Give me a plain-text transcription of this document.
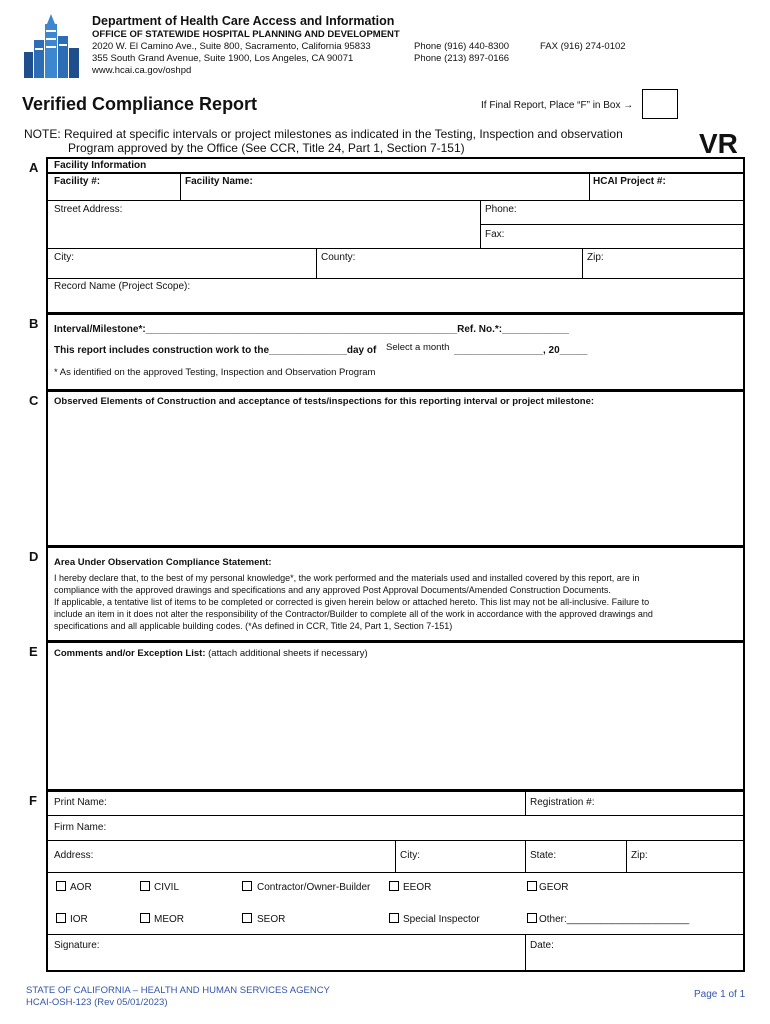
Department of Health Care Access and Information
OFFICE OF STATEWIDE HOSPITAL PLANNING AND DEVELOPMENT
2020 W. El Camino Ave., Suite 800, Sacramento, California 95833
355 South Grand Avenue, Suite 1900, Los Angeles, CA 90071
www.hcai.ca.gov/oshpd
Phone (916) 440-8300
Phone (213) 897-0166
FAX (916) 274-0102
Verified Compliance Report	If Final Report, Place “F” in Box →
NOTE: Required at specific intervals or project milestones as indicated in the Testing, Inspection and observation
Program approved by the Office (See CCR, Title 24, Part 1, Section 7-151)	VR
A Facility Information
Facility #:	Facility Name:	HCAI Project #:
Street Address:	Phone:
Fax:
City:	County:	Zip:
Record Name (Project Scope):
B Interval/Milestone*:________________________________________________________Ref. No.*:____________
This report includes construction work to the______________day of Select a month ________________, 20_____
* As identified on the approved Testing, Inspection and Observation Program
C Observed Elements of Construction and acceptance of tests/inspections for this reporting interval or project milestone:
D Area Under Observation Compliance Statement:
I hereby declare that, to the best of my personal knowledge*, the work performed and the materials used and installed covered by this report, are in
compliance with the approved drawings and specifications and any approved Post Approval Documents/Amended Construction Documents.
If applicable, a tentative list of items to be completed or corrected is given herein below or attached hereto. This list may not be all-inclusive. Failure to
include an item in it does not alter the responsibility of the Contractor/Builder to complete all of the work in accordance with the approved drawings and
specifications and all applicable building codes. (*As defined in CCR, Title 24, Part 1, Section 7-151)
E Comments and/or Exception List: (attach additional sheets if necessary)
F Print Name:	Registration #:
Firm Name:
Address:	City:	State:	Zip:
AOR	CIVIL	Contractor/Owner-Builder	EEOR	GEOR
IOR	MEOR	SEOR	Special Inspector	Other:______________________
Signature:	Date:
STATE OF CALIFORNIA – HEALTH AND HUMAN SERVICES AGENCY
HCAI-OSH-123 (Rev 05/01/2023)
Page 1 of 1
